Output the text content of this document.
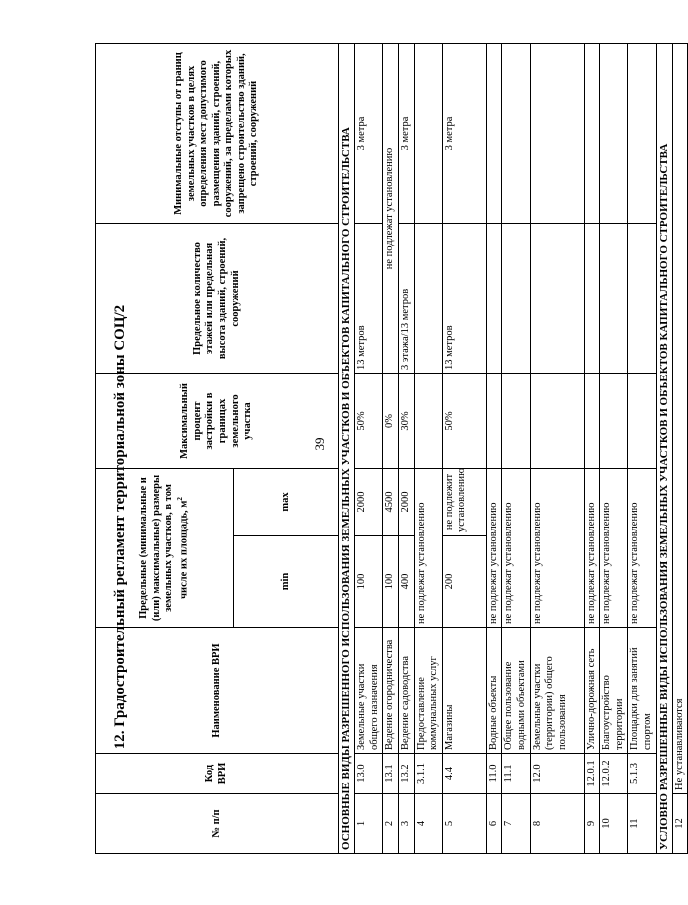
39
12. Градостроительный регламент территориальной зоны СОЦ/2
№ п/п	Код ВРИ	Наименование ВРИ	Предельные (минимальные и (или) максимальные) размеры земельных участков, в том числе их площадь, $м^2$		Максимальный процент застройки в границах земельного участка	Предельное количество этажей или предельная высота зданий, строений, сооружений	Минимальные отступы от границ земельных участков в целях определения мест допустимого размещения зданий, строений, сооружений, за пределами которых запрещено строительство зданий, строений, сооружений
			min	max			
ОСНОВНЫЕ ВИДЫ РАЗРЕШЕННОГО ИСПОЛЬЗОВАНИЯ ЗЕМЕЛЬНЫХ УЧАСТКОВ И ОБЪЕКТОВ КАПИТАЛЬНОГО СТРОИТЕЛЬСТВА							
1	13.0	Земельные участки общего назначения	100	2000	50%	13 метров	3 метра
2	13.1	Ведение огородничества	100	4500	0%	не подлежат установлению	
3	13.2	Ведение садоводства	400	2000	30%	3 этажа/13 метров	3 метра
4	3.1.1	Предоставление коммунальных услуг	не подлежат установлению				
5	4.4	Магазины	200	не подлежит установлению	50%	13 метров	3 метра
6	11.0	Водные объекты	не подлежат установлению				
7	11.1	Общее пользование водными объектами	не подлежат установлению				
8	12.0	Земельные участки (территории) общего пользования	не подлежат установлению				
9	12.0.1	Улично-дорожная сеть	не подлежат установлению				
10	12.0.2	Благоустройство территории	не подлежат установлению				
11	5.1.3	Площадки для занятий спортом	не подлежат установлению				
УСЛОВНО РАЗРЕШЕННЫЕ ВИДЫ ИСПОЛЬЗОВАНИЯ ЗЕМЕЛЬНЫХ УЧАСТКОВ И ОБЪЕКТОВ КАПИТАЛЬНОГО СТРОИТЕЛЬСТВА							
12	Не устанавливаются						
